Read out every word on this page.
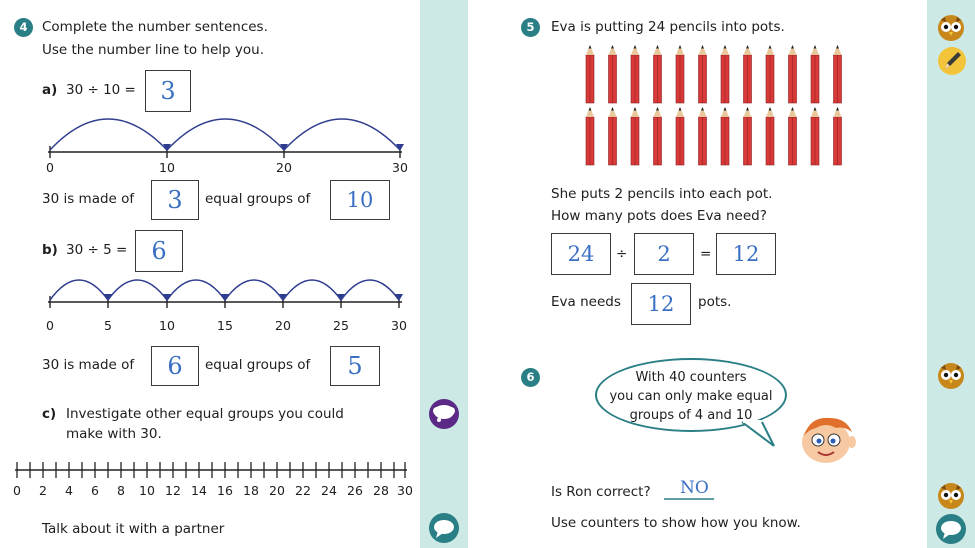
4	Complete the number sentences.
Use the number line to help you.
a) 30 ÷ 10 =	3
0	10	20	30
30 is made of	3	equal groups of	10
b) 30 ÷ 5 =	6
0	5	10	15	20	25	30
30 is made of	6	equal groups of	5
c) Investigate other equal groups you could
make with 30.
0 2 4 6 8 10 12 14 16 18 20 22 24 26 28 30
Talk about it with a partner
5	Eva is putting 24 pencils into pots.
She puts 2 pencils into each pot.
How many pots does Eva need?
24	÷	2	=	12
Eva needs	12	pots.
6	With 40 counters
you can only make equal
groups of 4 and 10
Is Ron correct? NO
Use counters to show how you know.
